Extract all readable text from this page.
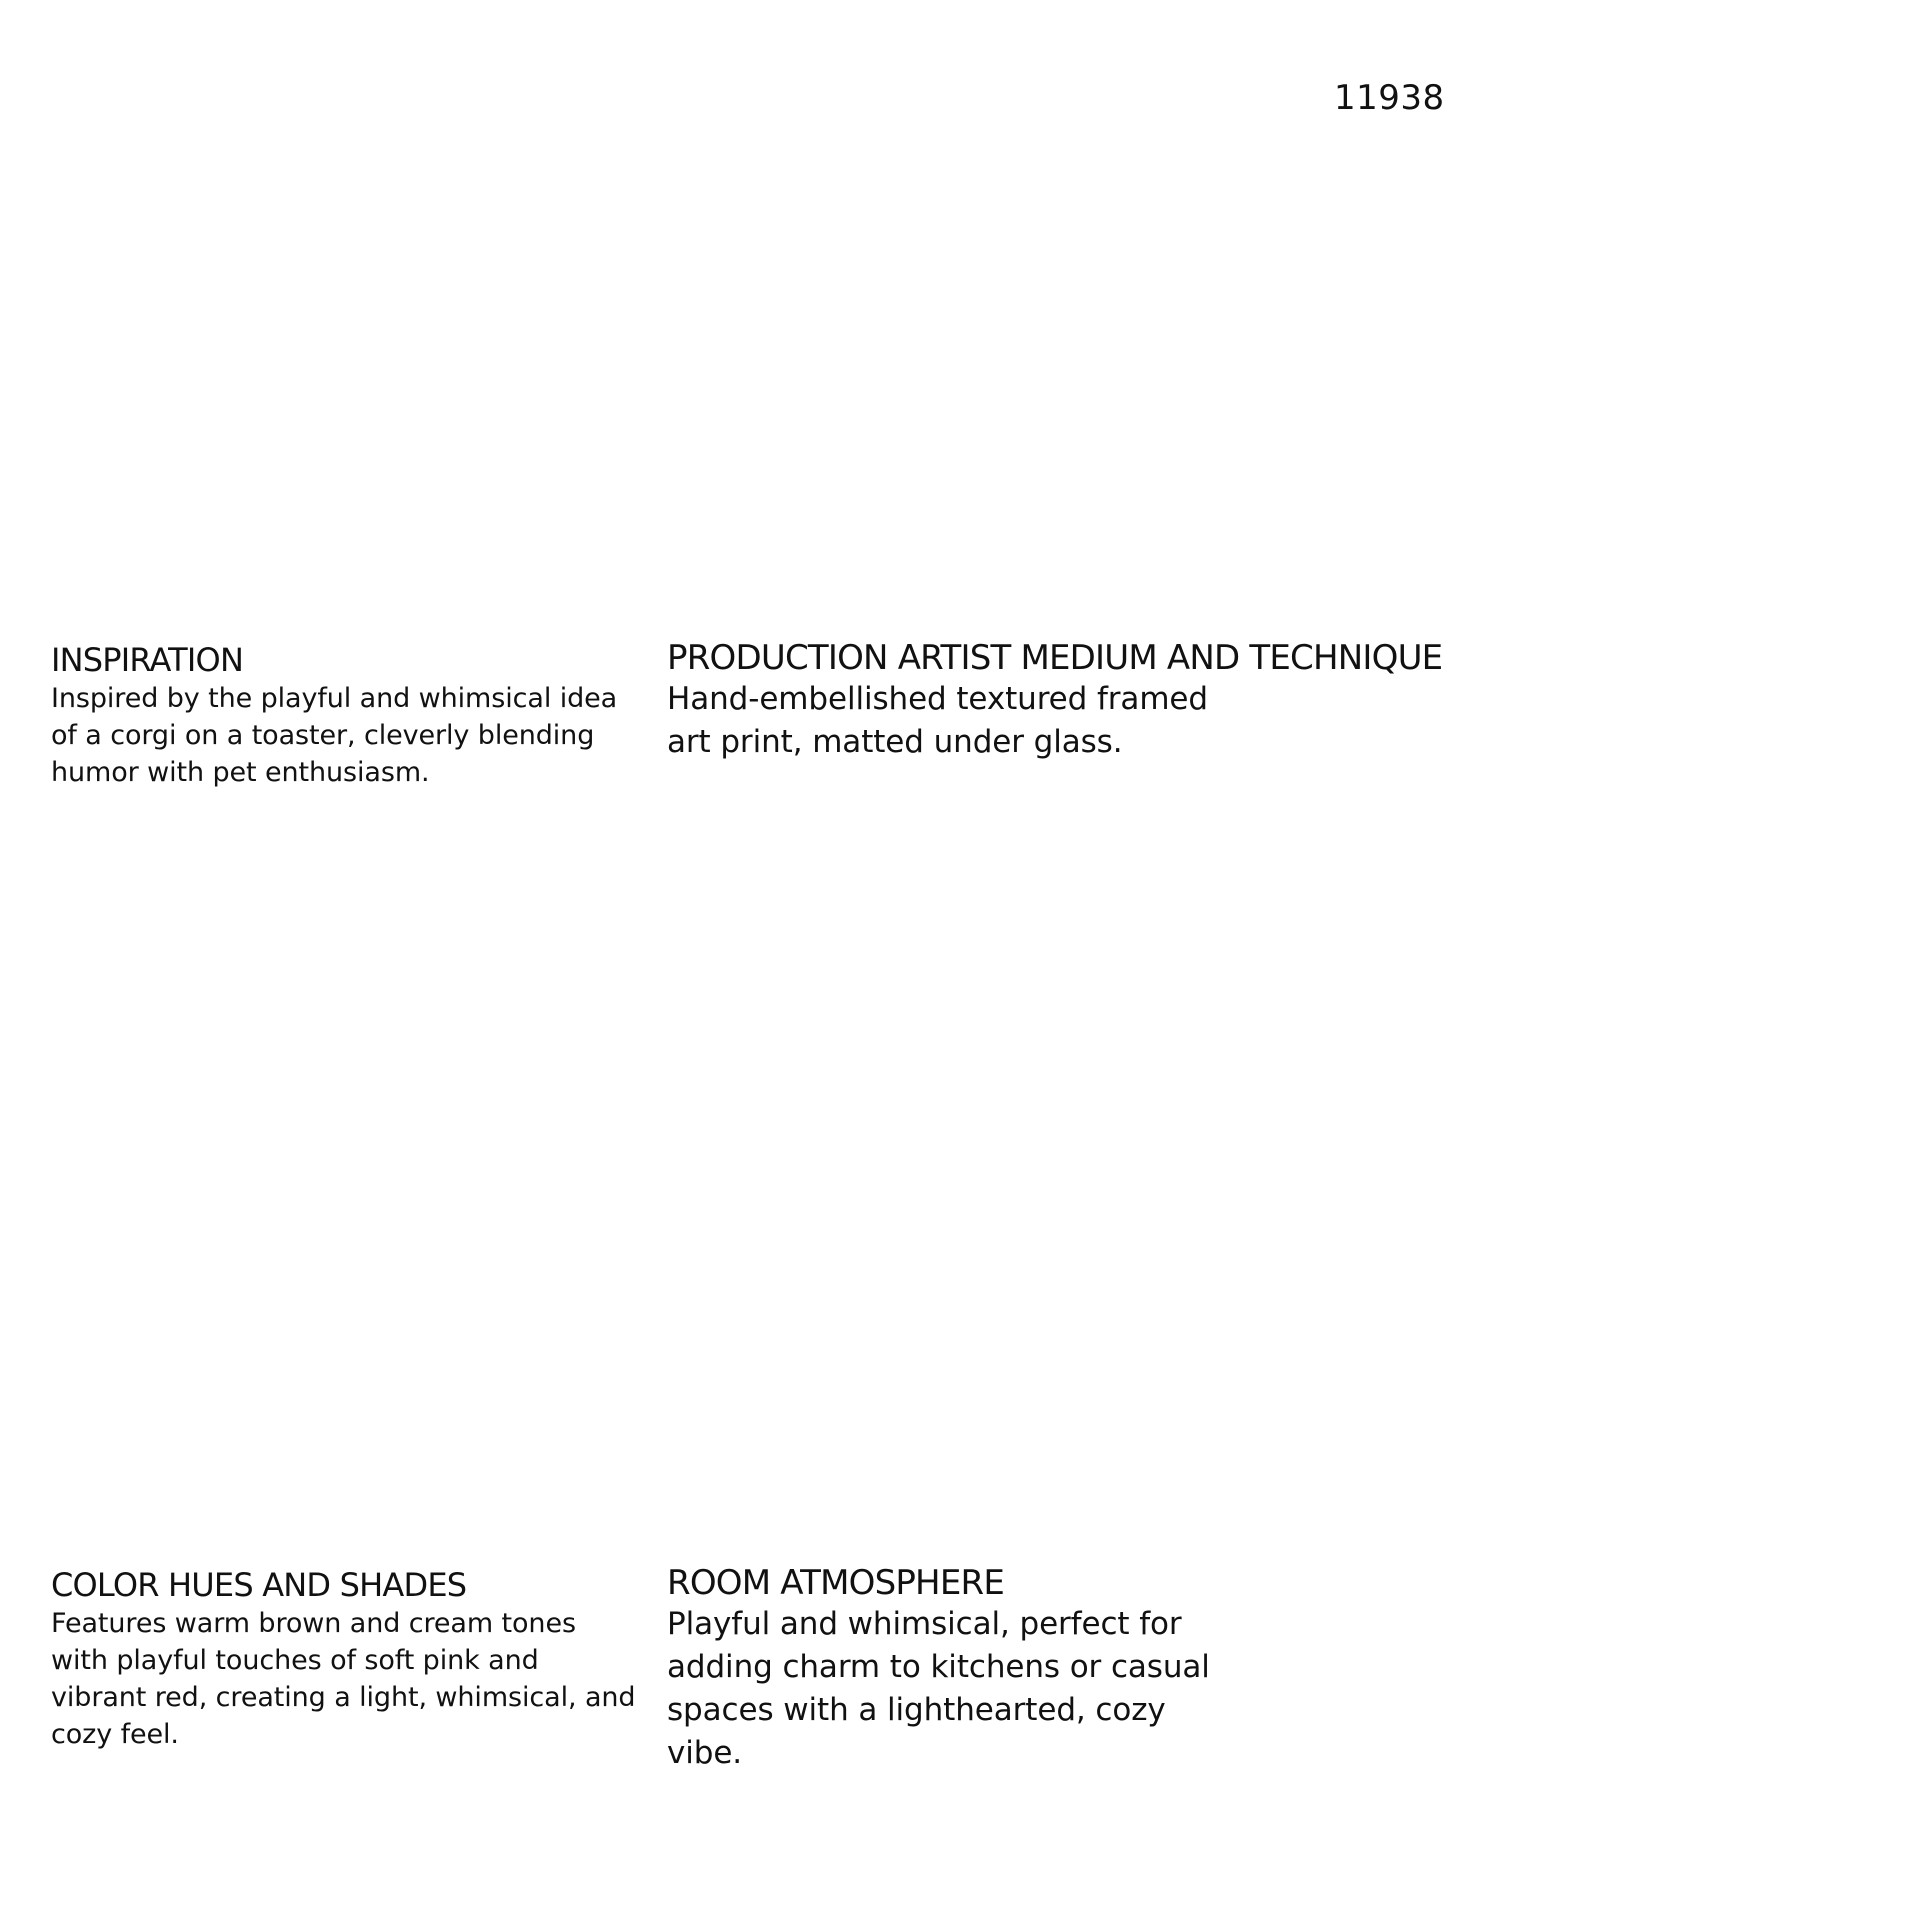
11938
INSPIRATION

Inspired by the playful and whimsical idea of a corgi on a toaster, cleverly blending humor with pet enthusiasm.

PRODUCTION ARTIST MEDIUM AND TECHNIQUE

Hand-embellished textured framed art print, matted under glass.

COLOR HUES AND SHADES

Features warm brown and cream tones with playful touches of soft pink and vibrant red, creating a light, whimsical, and cozy feel.

ROOM ATMOSPHERE

Playful and whimsical, perfect for adding charm to kitchens or casual spaces with a lighthearted, cozy vibe.
